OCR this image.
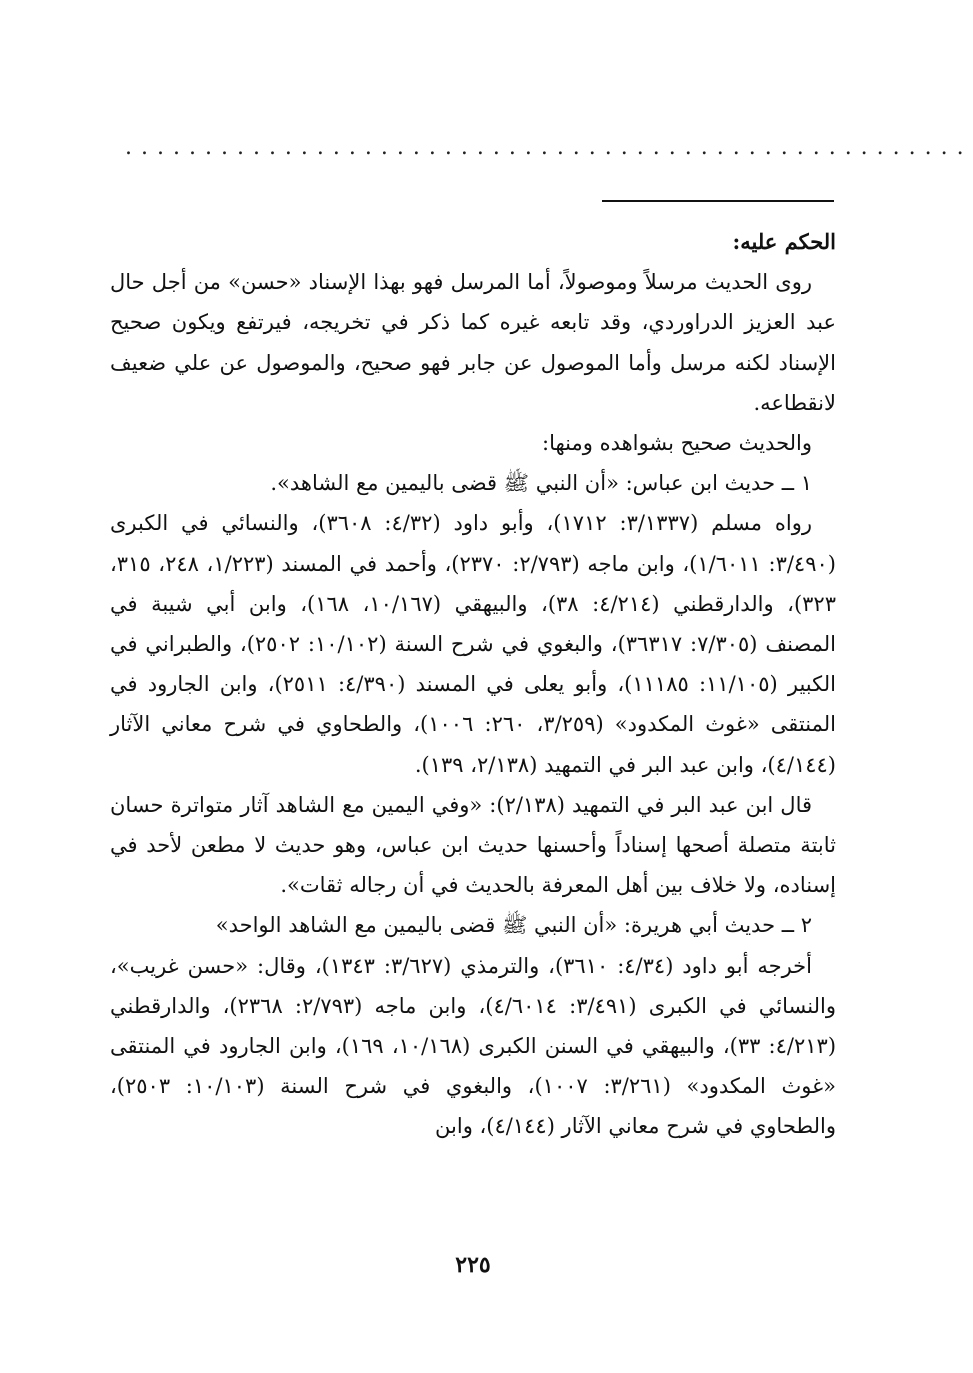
.....................................................

الحكم عليه:

روى الحديث مرسلاً وموصولاً، أما المرسل فهو بهذا الإسناد «حسن» من أجل حال عبد العزيز الدراوردي، وقد تابعه غيره كما ذكر في تخريجه، فيرتفع ويكون صحيح الإسناد لكنه مرسل وأما الموصول عن جابر فهو صحيح، والموصول عن علي ضعيف لانقطاعه.

والحديث صحيح بشواهده ومنها:

١ ــ حديث ابن عباس: «أن النبي ﷺ قضى باليمين مع الشاهد».

رواه مسلم (٣/١٣٣٧: ١٧١٢)، وأبو داود (٤/٣٢: ٣٦٠٨)، والنسائي في الكبرى (٣/٤٩٠: ١/٦٠١١)، وابن ماجه (٢/٧٩٣: ٢٣٧٠)، وأحمد في المسند (١/٢٢٣، ٢٤٨، ٣١٥، ٣٢٣)، والدارقطني (٤/٢١٤: ٣٨)، والبيهقي (١٠/١٦٧، ١٦٨)، وابن أبي شيبة في المصنف (٧/٣٠٥: ٣٦٣١٧)، والبغوي في شرح السنة (١٠/١٠٢: ٢٥٠٢)، والطبراني في الكبير (١١/١٠٥: ١١١٨٥)، وأبو يعلى في المسند (٤/٣٩٠: ٢٥١١)، وابن الجارود في المنتقى «غوث المكدود» (٣/٢٥٩، ٢٦٠: ١٠٠٦)، والطحاوي في شرح معاني الآثار (٤/١٤٤)، وابن عبد البر في التمهيد (٢/١٣٨، ١٣٩).

قال ابن عبد البر في التمهيد (٢/١٣٨): «وفي اليمين مع الشاهد آثار متواترة حسان ثابتة متصلة أصحها إسناداً وأحسنها حديث ابن عباس، وهو حديث لا مطعن لأحد في إسناده، ولا خلاف بين أهل المعرفة بالحديث في أن رجاله ثقات».

٢ ــ حديث أبي هريرة: «أن النبي ﷺ قضى باليمين مع الشاهد الواحد»

أخرجه أبو داود (٤/٣٤: ٣٦١٠)، والترمذي (٣/٦٢٧: ١٣٤٣)، وقال: «حسن غريب»، والنسائي في الكبرى (٣/٤٩١: ٤/٦٠١٤)، وابن ماجه (٢/٧٩٣: ٢٣٦٨)، والدارقطني (٤/٢١٣: ٣٣)، والبيهقي في السنن الكبرى (١٠/١٦٨، ١٦٩)، وابن الجارود في المنتقى «غوث المكدود» (٣/٢٦١: ١٠٠٧)، والبغوي في شرح السنة (١٠/١٠٣: ٢٥٠٣)، والطحاوي في شرح معاني الآثار (٤/١٤٤)، وابن

٢٢٥
